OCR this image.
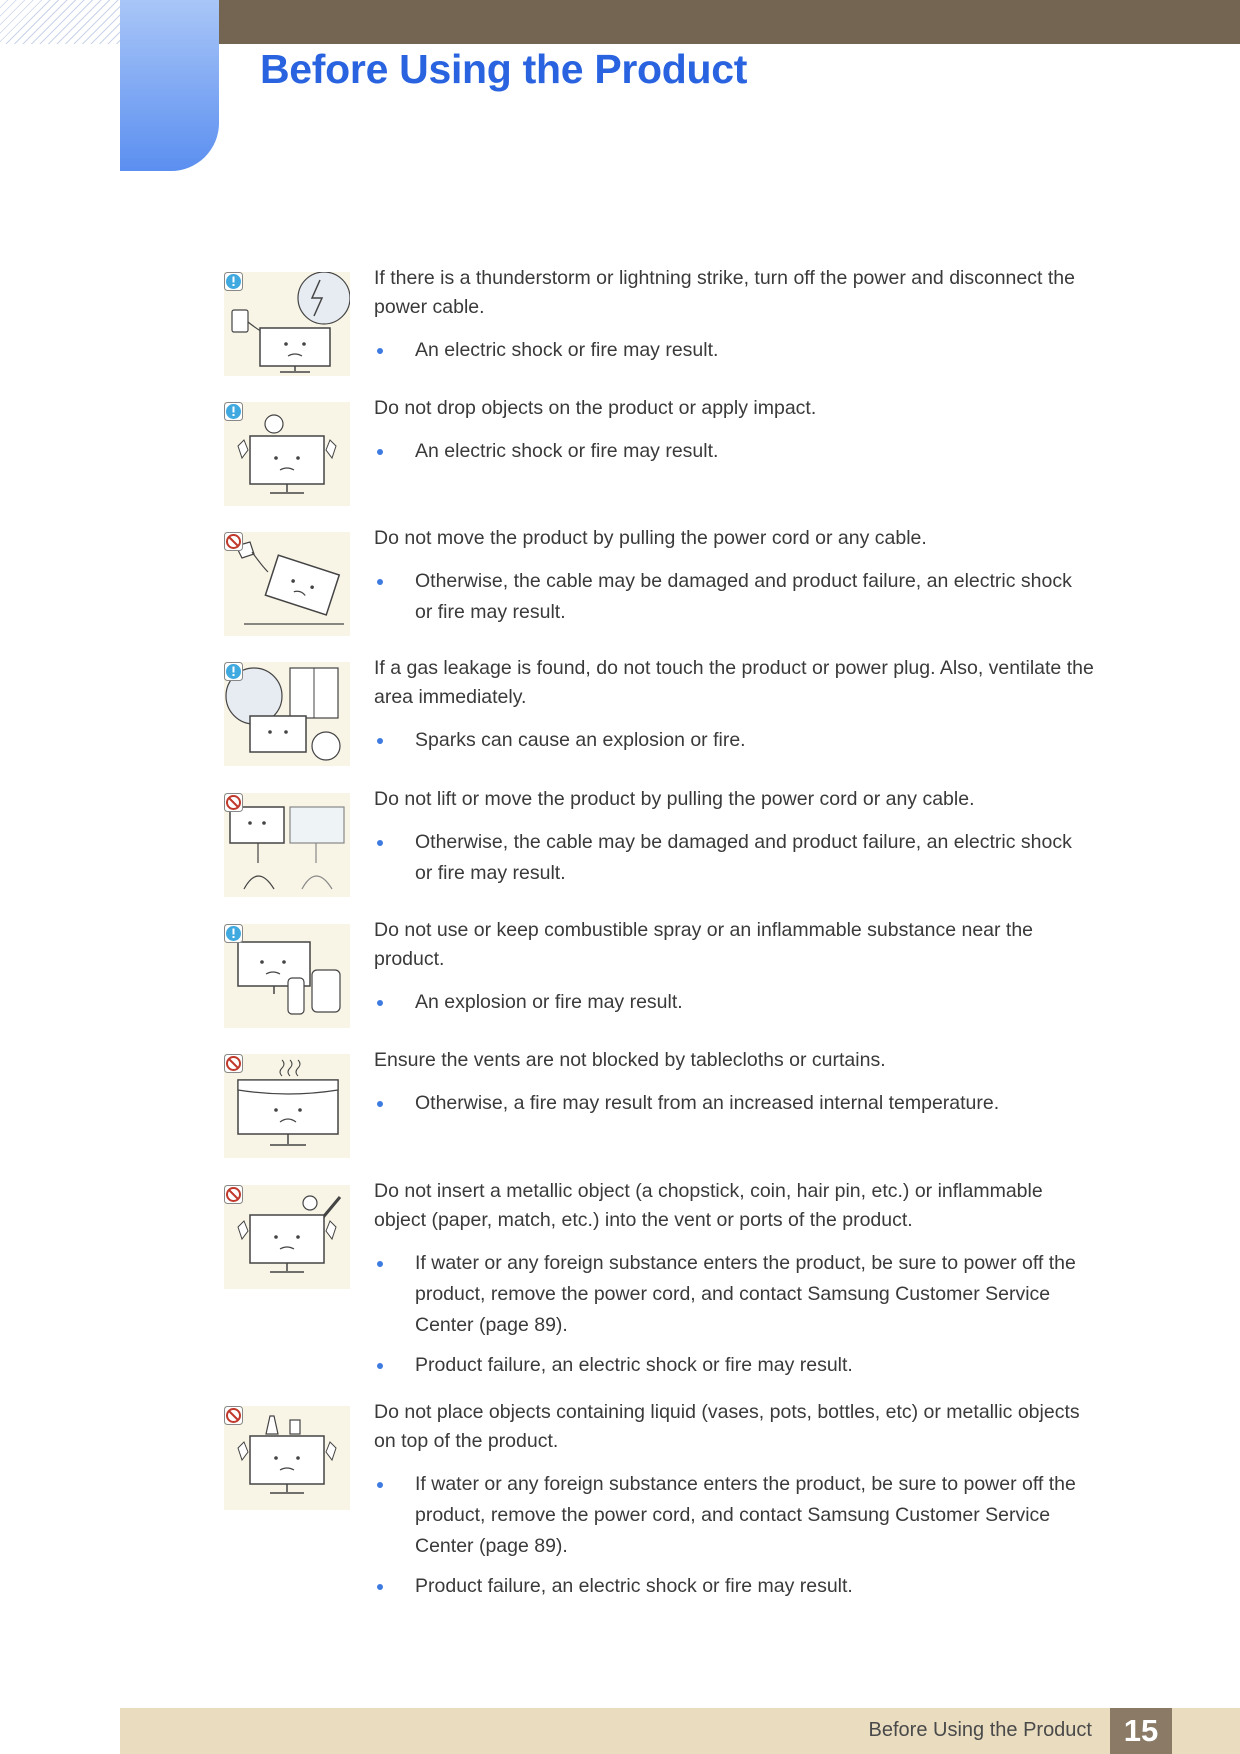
Before Using the Product

If there is a thunderstorm or lightning strike, turn off the power and disconnect the power cable.

An electric shock or fire may result.

Do not drop objects on the product or apply impact.

An electric shock or fire may result.

Do not move the product by pulling the power cord or any cable.

Otherwise, the cable may be damaged and product failure, an electric shock or fire may result.

If a gas leakage is found, do not touch the product or power plug. Also, ventilate the area immediately.

Sparks can cause an explosion or fire.

Do not lift or move the product by pulling the power cord or any cable.

Otherwise, the cable may be damaged and product failure, an electric shock or fire may result.

Do not use or keep combustible spray or an inflammable substance near the product.

An explosion or fire may result.

Ensure the vents are not blocked by tablecloths or curtains.

Otherwise, a fire may result from an increased internal temperature.

Do not insert a metallic object (a chopstick, coin, hair pin, etc.) or inflammable object (paper, match, etc.) into the vent or ports of the product.

If water or any foreign substance enters the product, be sure to power off the product, remove the power cord, and contact Samsung Customer Service Center (page 89).
Product failure, an electric shock or fire may result.

Do not place objects containing liquid (vases, pots, bottles, etc) or metallic objects on top of the product.

If water or any foreign substance enters the product, be sure to power off the product, remove the power cord, and contact Samsung Customer Service Center (page 89).
Product failure, an electric shock or fire may result.
Before Using the Product	15
